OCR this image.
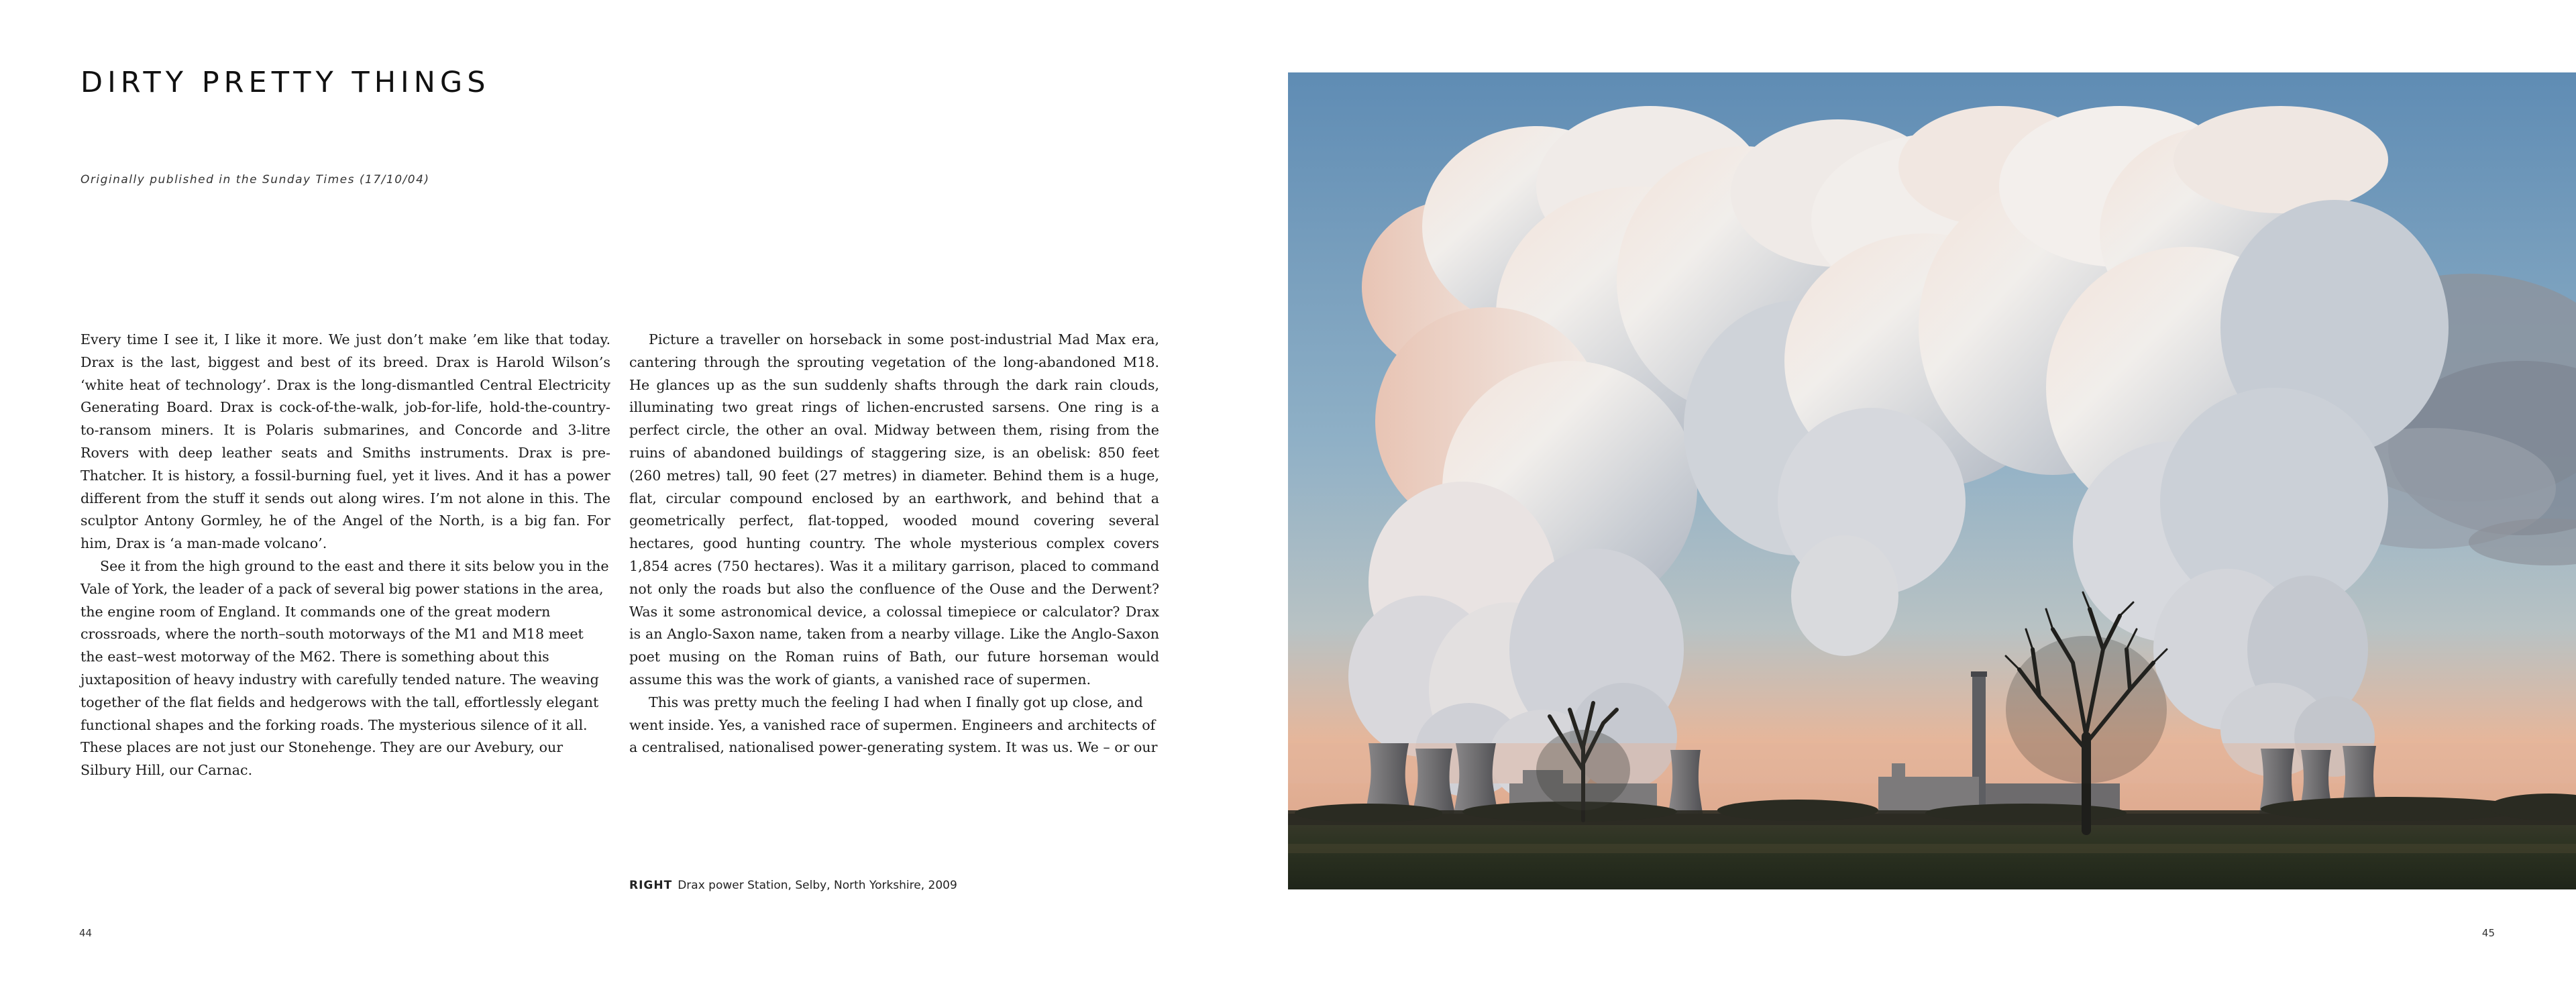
DIRTY PRETTY THINGS

Originally published in the Sunday Times (17/10/04)

Every time I see it, I like it more. We just don’t make ’em like that today. Drax is the last, biggest and best of its breed. Drax is Harold Wilson’s ‘white heat of technology’. Drax is the long-dismantled Central Electricity Generating Board. Drax is cock-of-the-walk, job-for-life, hold-the-country-to-ransom miners. It is Polaris submarines, and Concorde and 3-litre Rovers with deep leather seats and Smiths instruments. Drax is pre-Thatcher. It is history, a fossil-burning fuel, yet it lives. And it has a power different from the stuff it sends out along wires. I’m not alone in this. The sculptor Antony Gormley, he of the Angel of the North, is a big fan. For him, Drax is ‘a man-made volcano’.

See it from the high ground to the east and there it sits below you in the Vale of York, the leader of a pack of several big power stations in the area, the engine room of England. It commands one of the great modern crossroads, where the north–south motorways of the M1 and M18 meet the east–west motorway of the M62. There is something about this juxtaposition of heavy industry with carefully tended nature. The weaving together of the flat fields and hedgerows with the tall, effortlessly elegant functional shapes and the forking roads. The mysterious silence of it all. These places are not just our Stonehenge. They are our Avebury, our Silbury Hill, our Carnac.

Picture a traveller on horseback in some post-industrial Mad Max era, cantering through the sprouting vegetation of the long-abandoned M18. He glances up as the sun suddenly shafts through the dark rain clouds, illuminating two great rings of lichen-encrusted sarsens. One ring is a perfect circle, the other an oval. Midway between them, rising from the ruins of abandoned buildings of staggering size, is an obelisk: 850 feet (260 metres) tall, 90 feet (27 metres) in diameter. Behind them is a huge, flat, circular compound enclosed by an earthwork, and behind that a geometrically perfect, flat-topped, wooded mound covering several hectares, good hunting country. The whole mysterious complex covers 1,854 acres (750 hectares). Was it a military garrison, placed to command not only the roads but also the confluence of the Ouse and the Derwent? Was it some astronomical device, a colossal timepiece or calculator? Drax is an Anglo-Saxon name, taken from a nearby village. Like the Anglo-Saxon poet musing on the Roman ruins of Bath, our future horseman would assume this was the work of giants, a vanished race of supermen.

This was pretty much the feeling I had when I finally got up close, and went inside. Yes, a vanished race of supermen. Engineers and architects of a centralised, nationalised power-generating system. It was us. We – or our

RIGHT Drax power Station, Selby, North Yorkshire, 2009
44	45
